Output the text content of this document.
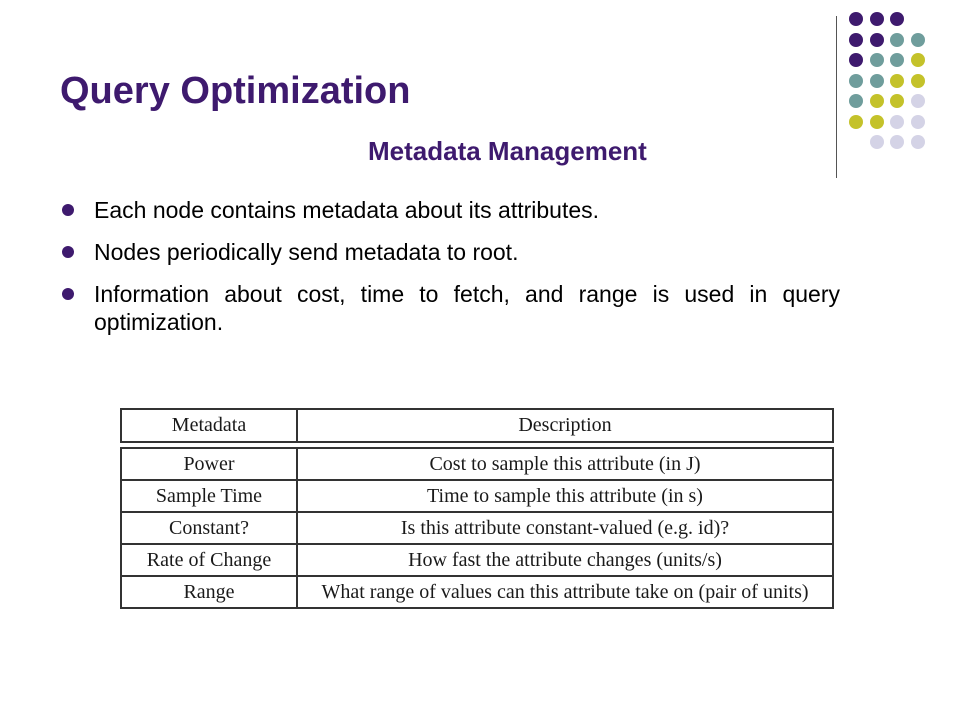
Query Optimization
Metadata Management
Each node contains metadata about its attributes.
Nodes periodically send metadata to root.
Information about cost, time to fetch, and range is used in query optimization.
Metadata	Description

Power	Cost to sample this attribute (in J)
Sample Time	Time to sample this attribute (in s)
Constant?	Is this attribute constant-valued (e.g. id)?
Rate of Change	How fast the attribute changes (units/s)
Range	What range of values can this attribute take on (pair of units)
